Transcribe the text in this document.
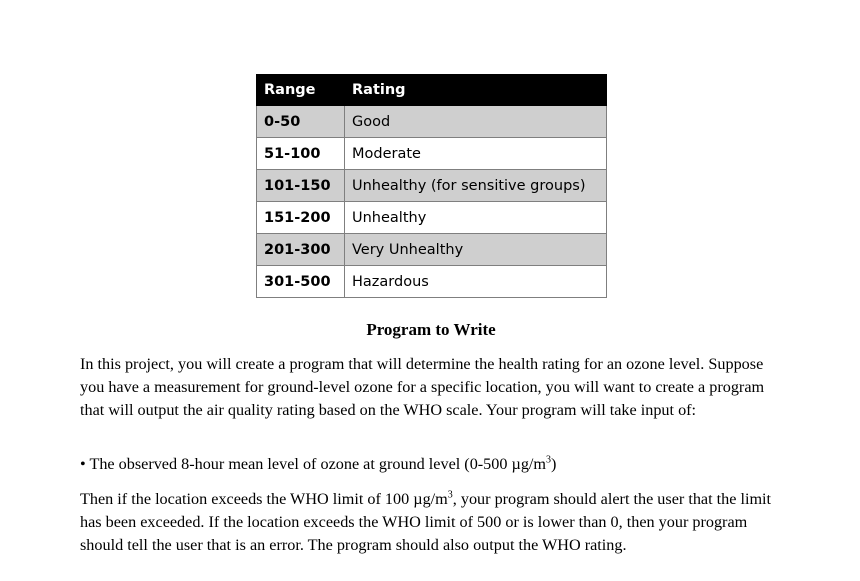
Range	Rating
0-50	Good
51-100	Moderate
101-150	Unhealthy (for sensitive groups)
151-200	Unhealthy
201-300	Very Unhealthy
301-500	Hazardous
Program to Write

In this project, you will create a program that will determine the health rating for an ozone level. Suppose you have a measurement for ground-level ozone for a specific location, you will want to create a program that will output the air quality rating based on the WHO scale. Your program will take input of:

• The observed 8-hour mean level of ozone at ground level (0-500 $\mu g/m^3$)

Then if the location exceeds the WHO limit of 100 $\mu g/m^3$, your program should alert the user that the limit has been exceeded. If the location exceeds the WHO limit of 500 or is lower than 0, then your program should tell the user that is an error. The program should also output the WHO rating.
